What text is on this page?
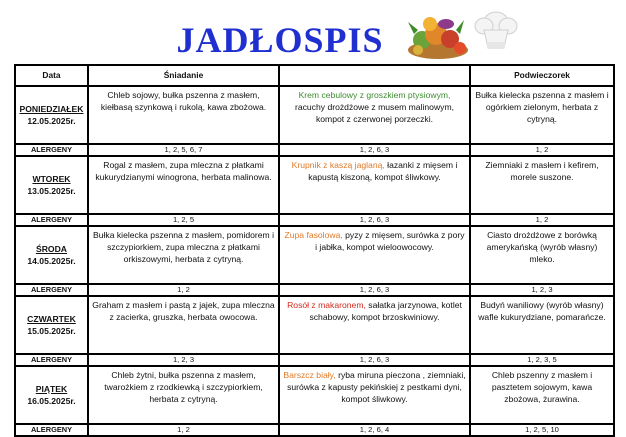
JADŁOSPIS
Data	Śniadanie		Podwieczorek

PONIEDZIAŁEK
12.05.2025r.	Chleb sojowy, bułka pszenna z masłem, kiełbasą szynkową i rukolą, kawa zbożowa.	Krem cebulowy z groszkiem ptysiowym, racuchy drożdżowe z musem malinowym, kompot z czerwonej porzeczki.	Bułka kielecka pszenna z masłem i ogórkiem zielonym, herbata z cytryną.
ALERGENY	1, 2, 5, 6, 7	1, 2, 6, 3	1, 2

WTOREK
13.05.2025r.	Rogal z masłem, zupa mleczna z płatkami kukurydzianymi winogrona, herbata malinowa.	Krupnik z kaszą jaglaną, łazanki z mięsem i kapustą kiszoną, kompot śliwkowy.	Ziemniaki z masłem i kefirem, morele suszone.
ALERGENY	1, 2, 5	1, 2, 6, 3	1, 2

ŚRODA
14.05.2025r.	Bułka kielecka pszenna z masłem, pomidorem i szczypiorkiem, zupa mleczna z płatkami orkiszowymi, herbata z cytryną.	Zupa fasolowa, pyzy z mięsem, surówka z pory i jabłka, kompot wieloowocowy.	Ciasto drożdżowe z borówką amerykańską (wyrób własny) mleko.
ALERGENY	1, 2	1, 2, 6, 3	1, 2, 3

CZWARTEK
15.05.2025r.	Graham z masłem i pastą z jajek, zupa mleczna z zacierka, gruszka, herbata owocowa.	Rosół z makaronem, sałatka jarzynowa, kotlet schabowy, kompot brzoskwiniowy.	Budyń waniliowy (wyrób własny) wafle kukurydziane, pomarańcze.
ALERGENY	1, 2, 3	1, 2, 6, 3	1, 2, 3, 5

PIĄTEK
16.05.2025r.	Chleb żytni, bułka pszenna z masłem, twarożkiem z rzodkiewką i szczypiorkiem, herbata z cytryną.	Barszcz biały, ryba miruna pieczona , ziemniaki, surówka z kapusty pekińskiej z pestkami dyni, kompot śliwkowy.	Chleb pszenny z masłem i pasztetem sojowym, kawa zbożowa, żurawina.
ALERGENY	1, 2	1, 2, 6, 4	1, 2, 5, 10
